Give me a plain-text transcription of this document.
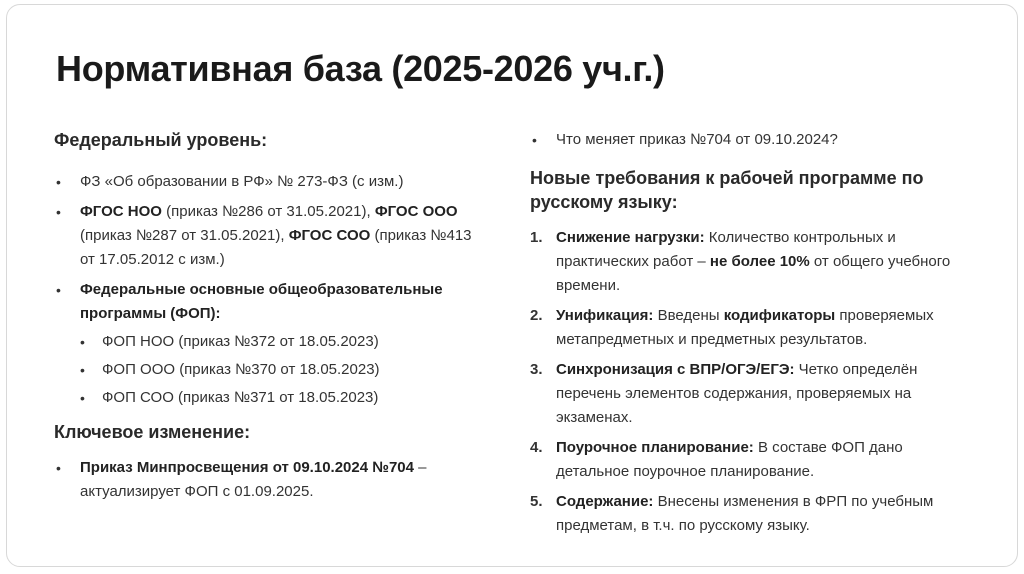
Нормативная база (2025-2026 уч.г.)
Федеральный уровень:
• ФЗ «Об образовании в РФ» № 273-ФЗ (с изм.)
• ФГОС НОО (приказ №286 от 31.05.2021), ФГОС ООО (приказ №287 от 31.05.2021), ФГОС СОО (приказ №413 от 17.05.2012 с изм.)
• Федеральные основные общеобразовательные программы (ФОП):
• ФОП НОО (приказ №372 от 18.05.2023)
• ФОП ООО (приказ №370 от 18.05.2023)
• ФОП СОО (приказ №371 от 18.05.2023)
Ключевое изменение:
• Приказ Минпросвещения от 09.10.2024 №704 – актуализирует ФОП с 01.09.2025.
• Что меняет приказ №704 от 09.10.2024?
Новые требования к рабочей программе по русскому языку:
1. Снижение нагрузки: Количество контрольных и практических работ – не более 10% от общего учебного времени.
2. Унификация: Введены кодификаторы проверяемых метапредметных и предметных результатов.
3. Синхронизация с ВПР/ОГЭ/ЕГЭ: Четко определён перечень элементов содержания, проверяемых на экзаменах.
4. Поурочное планирование: В составе ФОП дано детальное поурочное планирование.
5. Содержание: Внесены изменения в ФРП по учебным предметам, в т.ч. по русскому языку.
